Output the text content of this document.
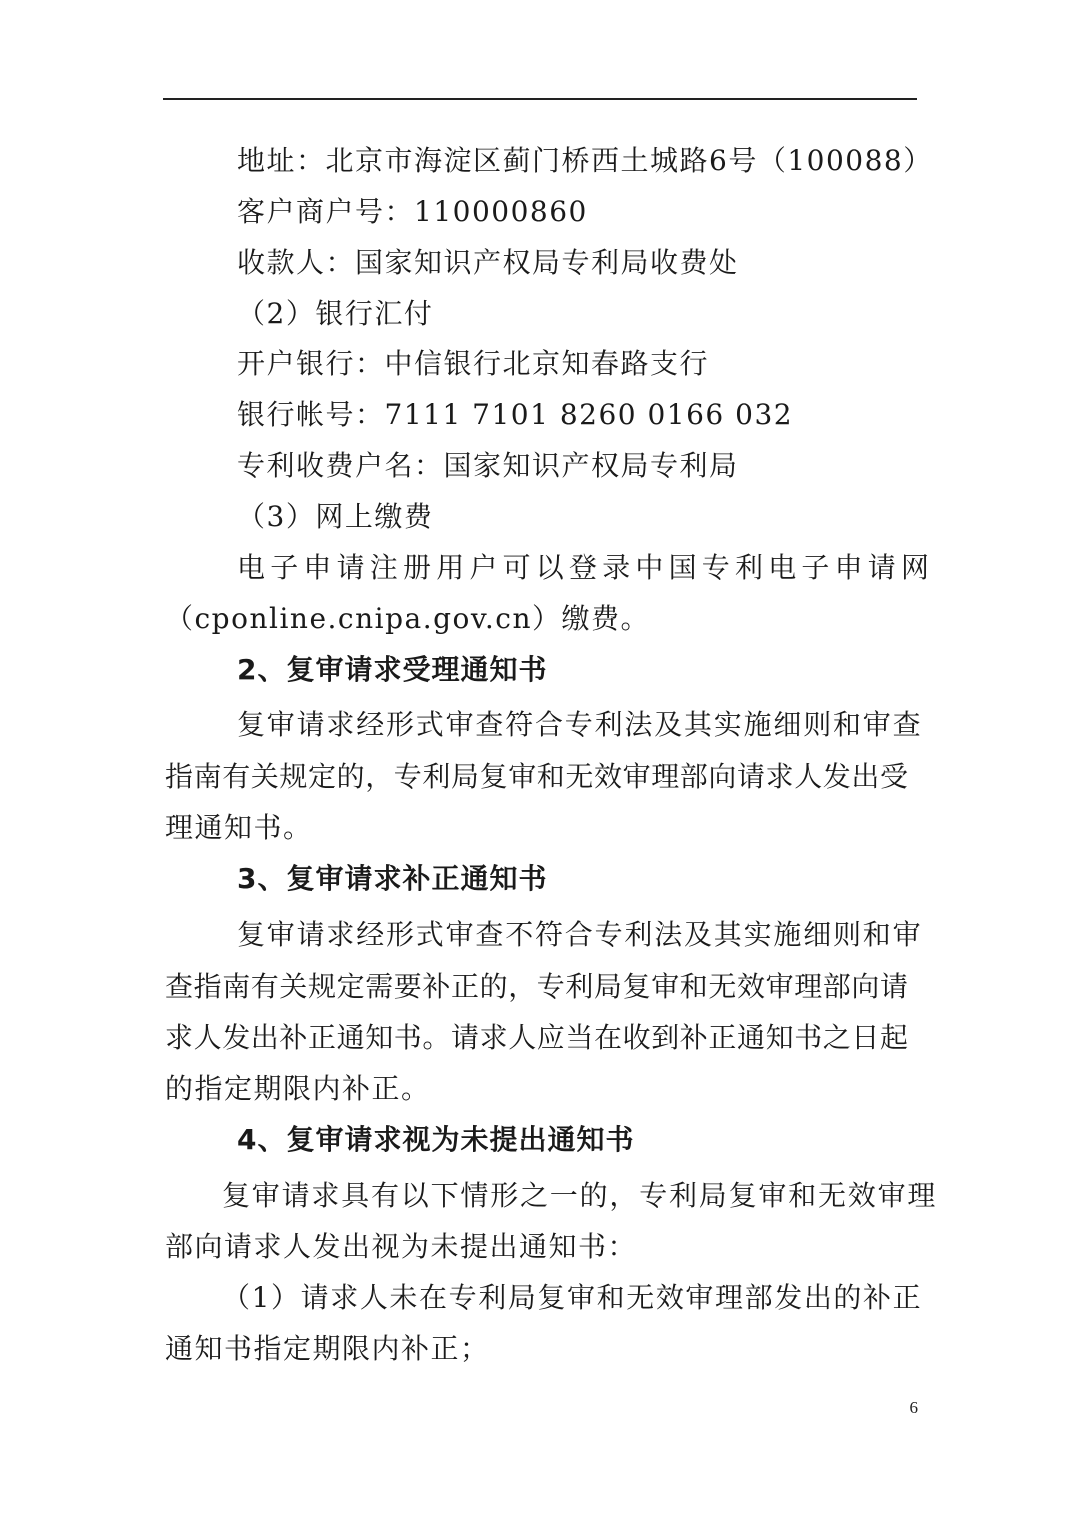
地址：北京市海淀区蓟门桥西土城路6号（100088）
客户商户号：110000860
收款人：国家知识产权局专利局收费处
（2）银行汇付
开户银行：中信银行北京知春路支行
银行帐号：7111 7101 8260 0166 032
专利收费户名：国家知识产权局专利局
（3）网上缴费
电子申请注册用户可以登录中国专利电子申请网
（cponline.cnipa.gov.cn）缴费。
2、复审请求受理通知书
复审请求经形式审查符合专利法及其实施细则和审查
指南有关规定的，专利局复审和无效审理部向请求人发出受
理通知书。
3、复审请求补正通知书
复审请求经形式审查不符合专利法及其实施细则和审
查指南有关规定需要补正的，专利局复审和无效审理部向请
求人发出补正通知书。请求人应当在收到补正通知书之日起
的指定期限内补正。
4、复审请求视为未提出通知书
复审请求具有以下情形之一的，专利局复审和无效审理
部向请求人发出视为未提出通知书：
（1）请求人未在专利局复审和无效审理部发出的补正
通知书指定期限内补正；
6
